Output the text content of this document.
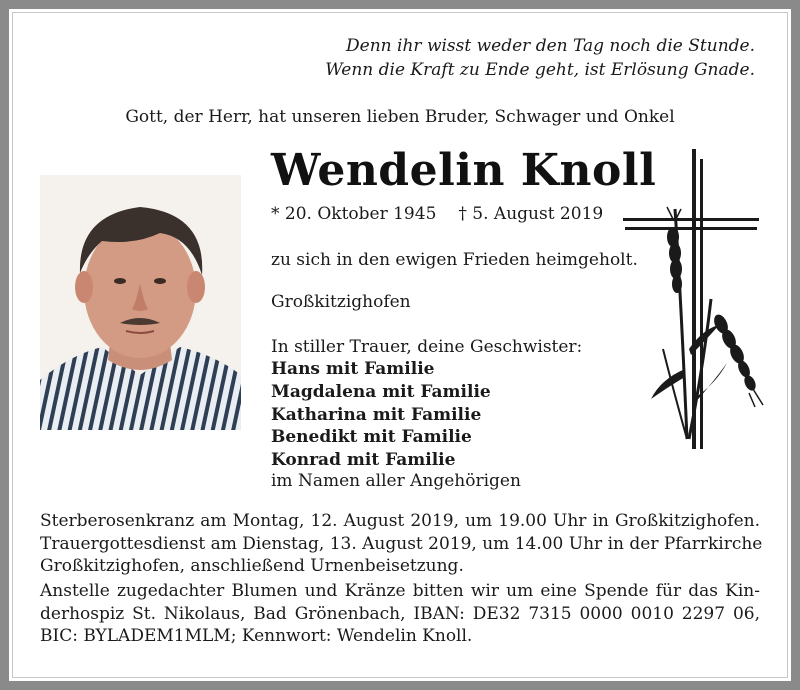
Denn ihr wisst weder den Tag noch die Stunde.
Wenn die Kraft zu Ende geht, ist Erlösung Gnade.
Gott, der Herr, hat unseren lieben Bruder, Schwager und Onkel
Wendelin Knoll
* 20. Oktober 1945 † 5. August 2019
zu sich in den ewigen Frieden heimgeholt.
Großkitzighofen
In stiller Trauer, deine Geschwister:
Hans mit Familie
Magdalena mit Familie
Katharina mit Familie
Benedikt mit Familie
Konrad mit Familie
im Namen aller Angehörigen
Sterberosenkranz am Montag, 12. August 2019, um 19.00 Uhr in Großkitzighofen.
Trauergottesdienst am Dienstag, 13. August 2019, um 14.00 Uhr in der Pfarrkirche
Großkitzighofen, anschließend Urnenbeisetzung.
Anstelle zugedachter Blumen und Kränze bitten wir um eine Spende für das Kin-
derhospiz St. Nikolaus, Bad Grönenbach, IBAN: DE32 7315 0000 0010 2297 06,
BIC: BYLADEM1MLM; Kennwort: Wendelin Knoll.
